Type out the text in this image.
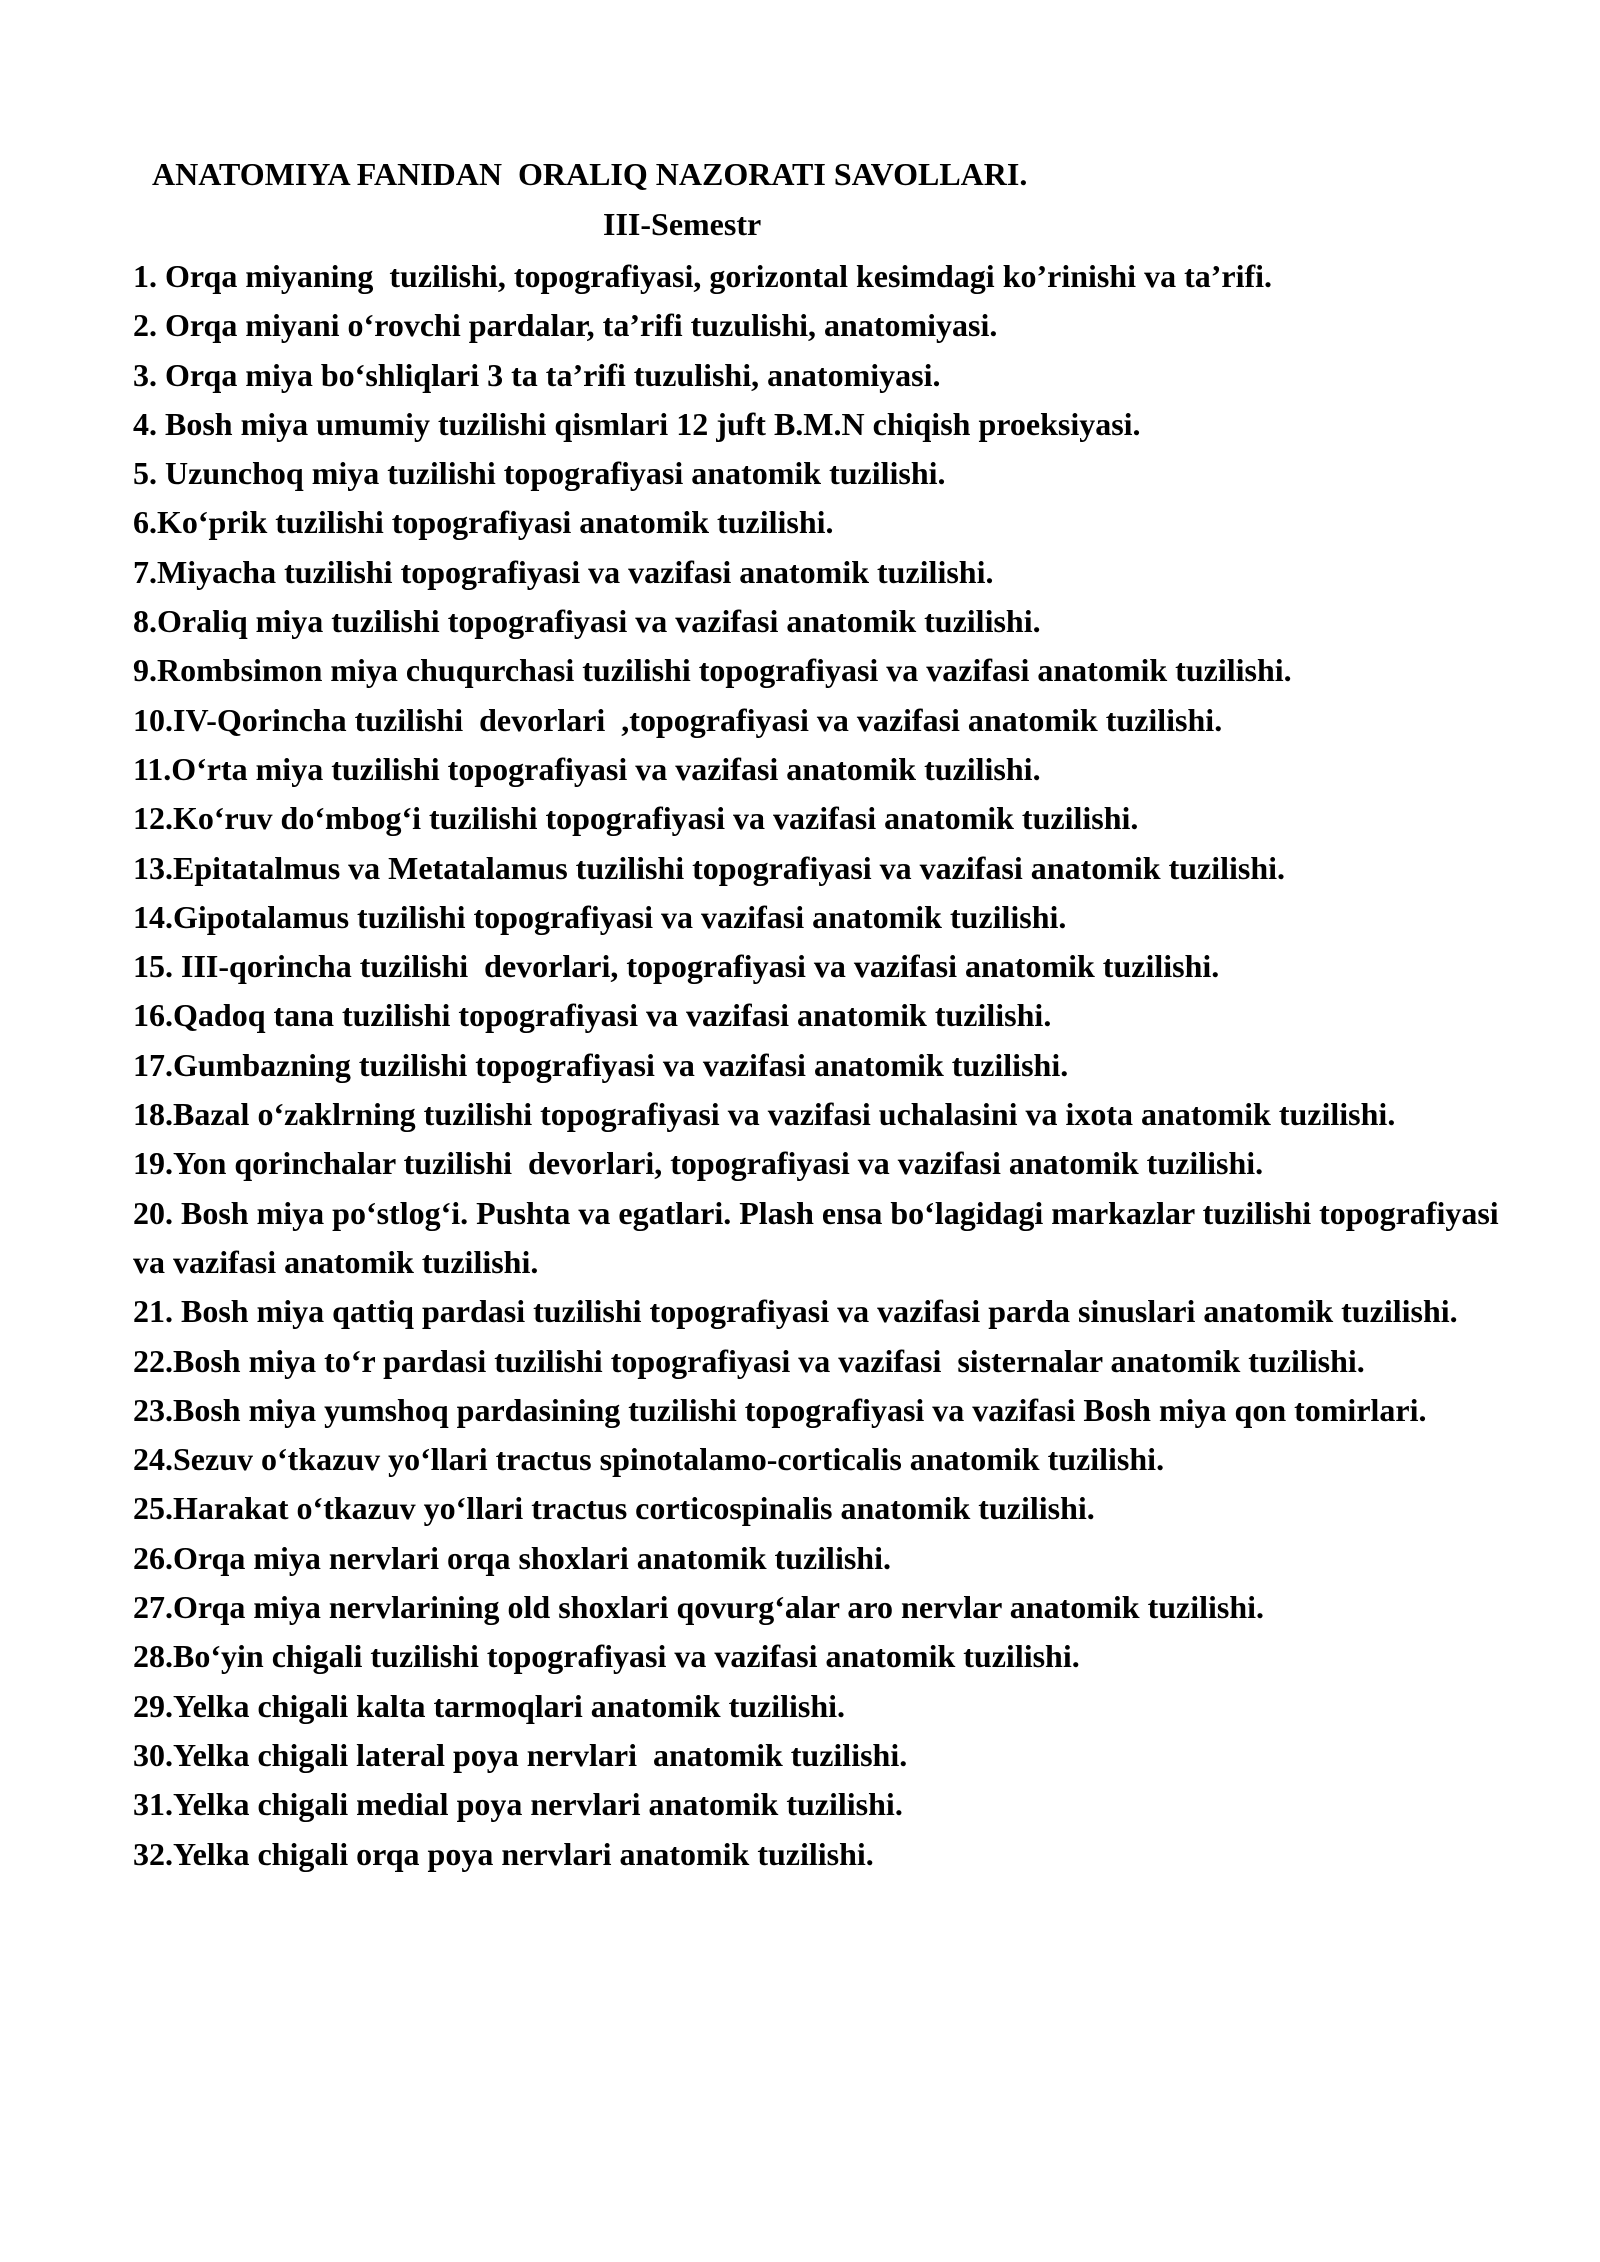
ANATOMIYA FANIDAN  ORALIQ NAZORATI SAVOLLARI.
III-Semestr
1. Orqa miyaning  tuzilishi, topografiyasi, gorizontal kesimdagi ko’rinishi va ta’rifi.
2. Orqa miyani o‘rovchi pardalar, ta’rifi tuzulishi, anatomiyasi.
3. Orqa miya bo‘shliqlari 3 ta ta’rifi tuzulishi, anatomiyasi.
4. Bosh miya umumiy tuzilishi qismlari 12 juft B.M.N chiqish proeksiyasi.
5. Uzunchoq miya tuzilishi topografiyasi anatomik tuzilishi.
6.Ko‘prik tuzilishi topografiyasi anatomik tuzilishi.
7.Miyacha tuzilishi topografiyasi va vazifasi anatomik tuzilishi.
8.Oraliq miya tuzilishi topografiyasi va vazifasi anatomik tuzilishi.
9.Rombsimon miya chuqurchasi tuzilishi topografiyasi va vazifasi anatomik tuzilishi.
10.IV-Qorincha tuzilishi  devorlari  ,topografiyasi va vazifasi anatomik tuzilishi.
11.O‘rta miya tuzilishi topografiyasi va vazifasi anatomik tuzilishi.
12.Ko‘ruv do‘mbog‘i tuzilishi topografiyasi va vazifasi anatomik tuzilishi.
13.Epitatalmus va Metatalamus tuzilishi topografiyasi va vazifasi anatomik tuzilishi.
14.Gipotalamus tuzilishi topografiyasi va vazifasi anatomik tuzilishi.
15. III-qorincha tuzilishi  devorlari, topografiyasi va vazifasi anatomik tuzilishi.
16.Qadoq tana tuzilishi topografiyasi va vazifasi anatomik tuzilishi.
17.Gumbazning tuzilishi topografiyasi va vazifasi anatomik tuzilishi.
18.Bazal o‘zaklrning tuzilishi topografiyasi va vazifasi uchalasini va ixota anatomik tuzilishi.
19.Yon qorinchalar tuzilishi  devorlari, topografiyasi va vazifasi anatomik tuzilishi.
20. Bosh miya po‘stlog‘i. Pushta va egatlari. Plash ensa bo‘lagidagi markazlar tuzilishi topografiyasi va vazifasi anatomik tuzilishi.
21. Bosh miya qattiq pardasi tuzilishi topografiyasi va vazifasi parda sinuslari anatomik tuzilishi.
22.Bosh miya to‘r pardasi tuzilishi topografiyasi va vazifasi  sisternalar anatomik tuzilishi.
23.Bosh miya yumshoq pardasining tuzilishi topografiyasi va vazifasi Bosh miya qon tomirlari.
24.Sezuv o‘tkazuv yo‘llari tractus spinotalamo-corticalis anatomik tuzilishi.
25.Harakat o‘tkazuv yo‘llari tractus corticospinalis anatomik tuzilishi.
26.Orqa miya nervlari orqa shoxlari anatomik tuzilishi.
27.Orqa miya nervlarining old shoxlari qovurg‘alar aro nervlar anatomik tuzilishi.
28.Bo‘yin chigali tuzilishi topografiyasi va vazifasi anatomik tuzilishi.
29.Yelka chigali kalta tarmoqlari anatomik tuzilishi.
30.Yelka chigali lateral poya nervlari  anatomik tuzilishi.
31.Yelka chigali medial poya nervlari anatomik tuzilishi.
32.Yelka chigali orqa poya nervlari anatomik tuzilishi.
